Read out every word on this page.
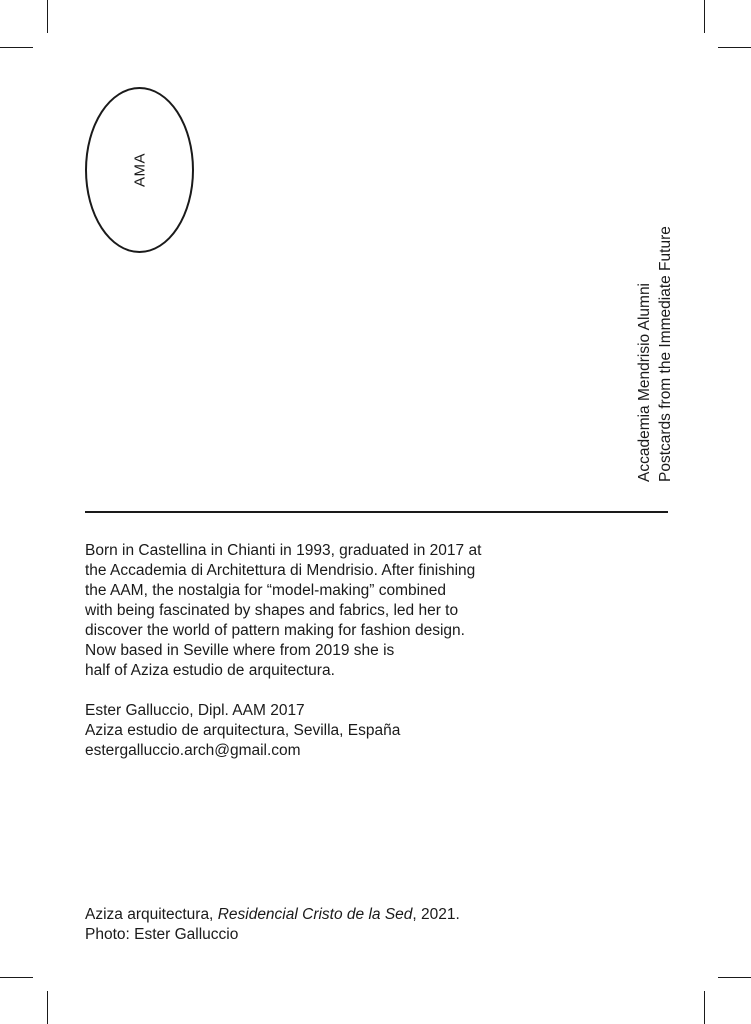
AMA
Accademia Mendrisio Alumni Postcards from the Immediate Future
Born in Castellina in Chianti in 1993, graduated in 2017 at
the Accademia di Architettura di Mendrisio. After finishing
the AAM, the nostalgia for “model-making” combined
with being fascinated by shapes and fabrics, led her to
discover the world of pattern making for fashion design.
Now based in Seville where from 2019 she is
half of Aziza estudio de arquitectura.
Ester Galluccio, Dipl. AAM 2017
Aziza estudio de arquitectura, Sevilla, España
estergalluccio.arch@gmail.com
Aziza arquitectura, Residencial Cristo de la Sed, 2021.
Photo: Ester Galluccio
